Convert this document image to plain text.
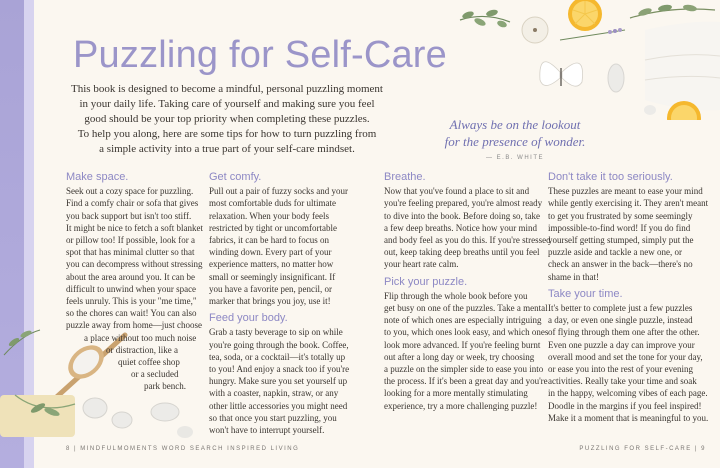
Puzzling for Self-Care
This book is designed to become a mindful, personal puzzling moment
in your daily life. Taking care of yourself and making sure you feel
good should be your top priority when completing these puzzles.
To help you along, here are some tips for how to turn puzzling from
a simple activity into a true part of your self-care mindset.
Make space.
Seek out a cozy space for puzzling.
Find a comfy chair or sofa that gives
you back support but isn't too stiff.
It might be nice to fetch a soft blanket
or pillow too! If possible, look for a
spot that has minimal clutter so that
you can decompress without stressing
about the area around you. It can be
difficult to unwind when your space
feels unruly. This is your "me time,"
so the chores can wait! You can also
puzzle away from home—just choose
a place without too much noise
or distraction, like a
quiet coffee shop
or a secluded
park bench.
Get comfy.
Pull out a pair of fuzzy socks and your
most comfortable duds for ultimate
relaxation. When your body feels
restricted by tight or uncomfortable
fabrics, it can be hard to focus on
winding down. Every part of your
experience matters, no matter how
small or seemingly insignificant. If
you have a favorite pen, pencil, or
marker that brings you joy, use it!
Feed your body.
Grab a tasty beverage to sip on while
you're going through the book. Coffee,
tea, soda, or a cocktail—it's totally up
to you! And enjoy a snack too if you're
hungry. Make sure you set yourself up
with a coaster, napkin, straw, or any
other little accessories you might need
so that once you start puzzling, you
won't have to interrupt yourself.
8 | MINDFULMOMENTS WORD SEARCH INSPIRED LIVING
Always be on the lookout
for the presence of wonder.
— E.B. WHITE
Breathe.
Now that you've found a place to sit and
you're feeling prepared, you're almost ready
to dive into the book. Before doing so, take
a few deep breaths. Notice how your mind
and body feel as you do this. If you're stressed
out, keep taking deep breaths until you feel
your heart rate calm.
Pick your puzzle.
Flip through the whole book before you
get busy on one of the puzzles. Take a mental
note of which ones are especially intriguing
to you, which ones look easy, and which ones
look more advanced. If you're feeling burnt
out after a long day or week, try choosing
a puzzle on the simpler side to ease you into
the process. If it's been a great day and you're
looking for a more mentally stimulating
experience, try a more challenging puzzle!
Don't take it too seriously.
These puzzles are meant to ease your mind
while gently exercising it. They aren't meant
to get you frustrated by some seemingly
impossible-to-find word! If you do find
yourself getting stumped, simply put the
puzzle aside and tackle a new one, or
check an answer in the back—there's no
shame in that!
Take your time.
It's better to complete just a few puzzles
a day, or even one single puzzle, instead
of flying through them one after the other.
Even one puzzle a day can improve your
overall mood and set the tone for your day,
or ease you into the rest of your evening
activities. Really take your time and soak
in the happy, welcoming vibes of each page.
Doodle in the margins if you feel inspired!
Make it a moment that is meaningful to you.
PUZZLING FOR SELF-CARE | 9
